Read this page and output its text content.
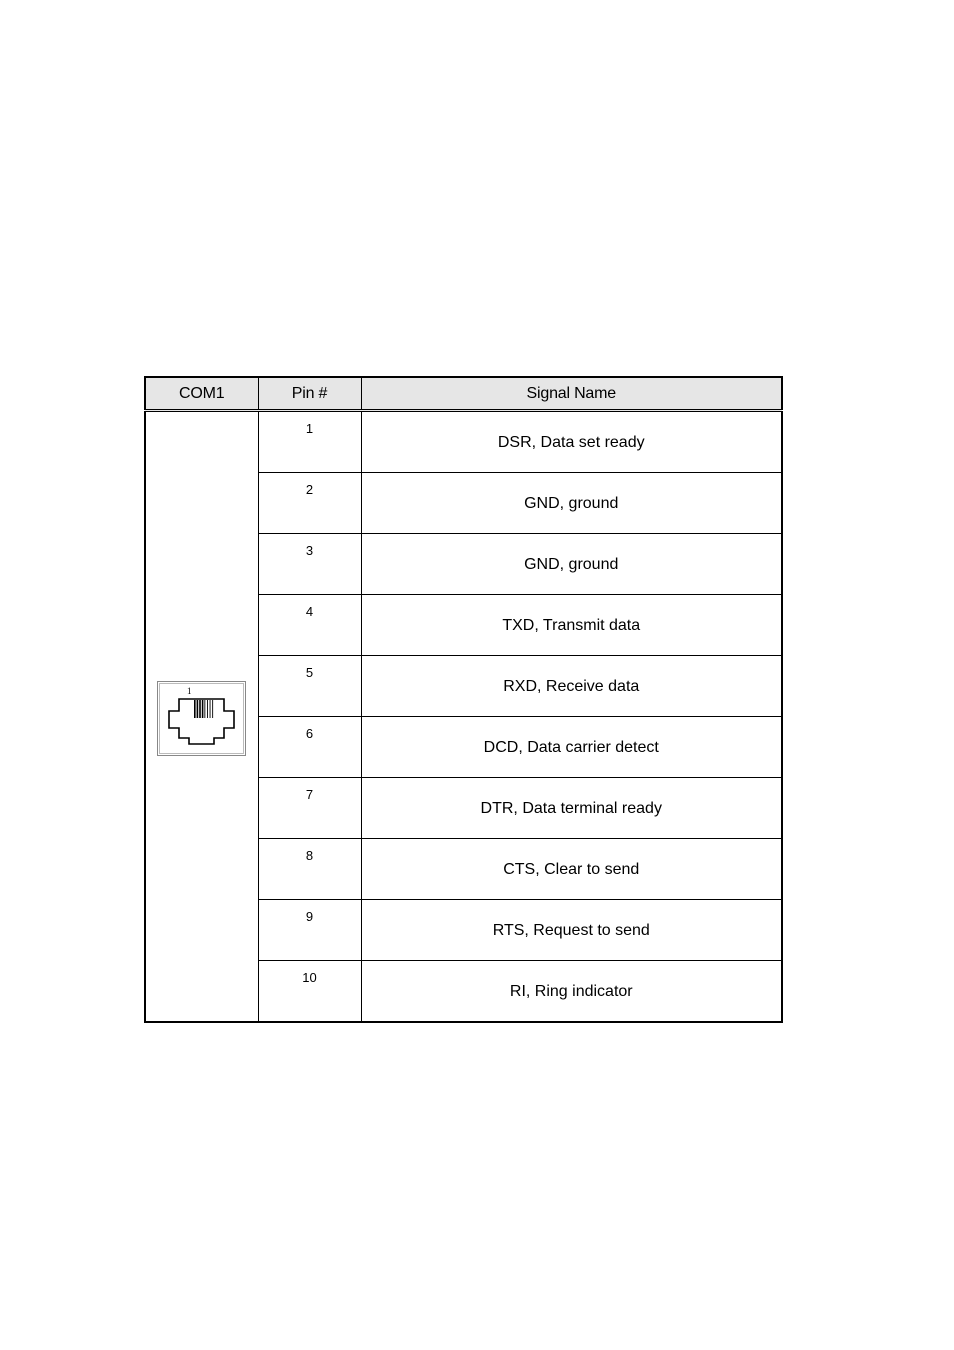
COM1	Pin #	Signal Name

1	1	DSR, Data set ready
	2	GND, ground
	3	GND, ground
	4	TXD, Transmit data
	5	RXD, Receive data
	6	DCD, Data carrier detect
	7	DTR, Data terminal ready
	8	CTS, Clear to send
	9	RTS, Request to send
	10	RI, Ring indicator
